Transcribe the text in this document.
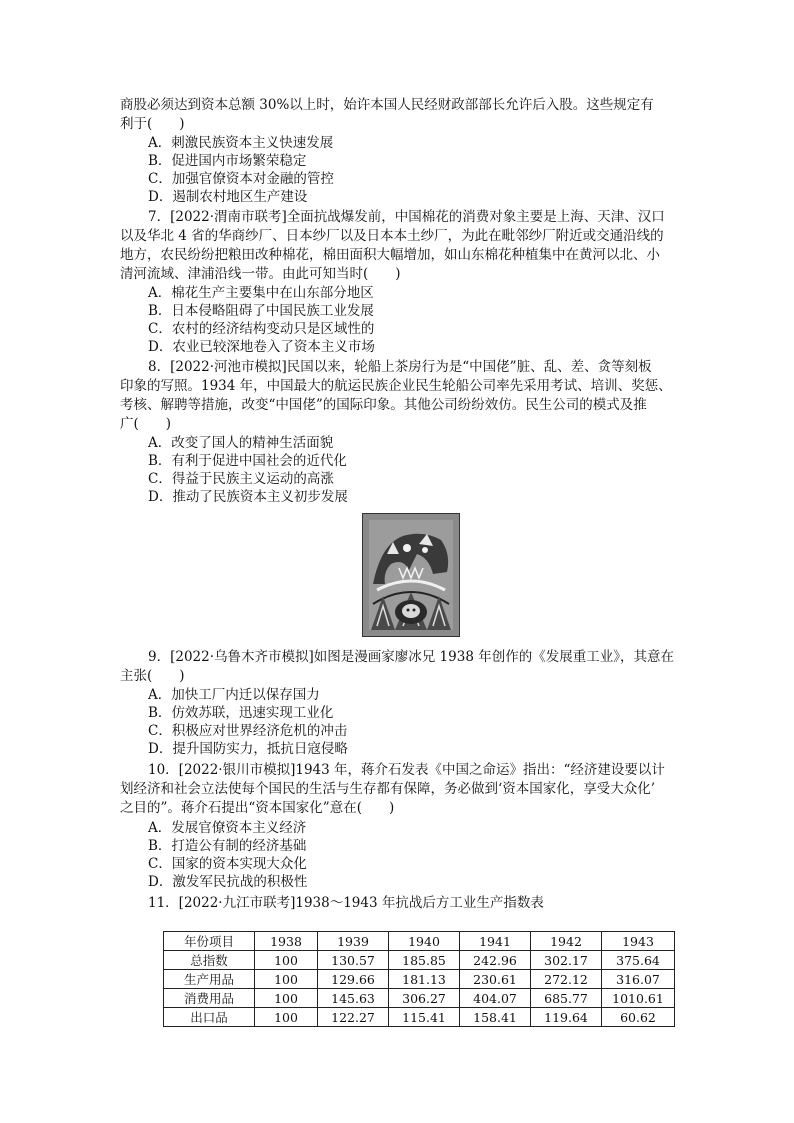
商股必须达到资本总额 30%以上时，始许本国人民经财政部部长允许后入股。这些规定有
利于(　　)
A．刺激民族资本主义快速发展
B．促进国内市场繁荣稳定
C．加强官僚资本对金融的管控
D．遏制农村地区生产建设
7．[2022·渭南市联考]全面抗战爆发前，中国棉花的消费对象主要是上海、天津、汉口
以及华北 4 省的华商纱厂、日本纱厂以及日本本土纱厂，为此在毗邻纱厂附近或交通沿线的
地方，农民纷纷把粮田改种棉花，棉田面积大幅增加，如山东棉花种植集中在黄河以北、小
清河流域、津浦沿线一带。由此可知当时(　　)
A．棉花生产主要集中在山东部分地区
B．日本侵略阻碍了中国民族工业发展
C．农村的经济结构变动只是区域性的
D．农业已较深地卷入了资本主义市场
8．[2022·河池市模拟]民国以来，轮船上茶房行为是“中国佬”脏、乱、差、贪等刻板
印象的写照。1934 年，中国最大的航运民族企业民生轮船公司率先采用考试、培训、奖惩、
考核、解聘等措施，改变“中国佬”的国际印象。其他公司纷纷效仿。民生公司的模式及推
广(　　)
A．改变了国人的精神生活面貌
B．有利于促进中国社会的近代化
C．得益于民族主义运动的高涨
D．推动了民族资本主义初步发展
9．[2022·乌鲁木齐市模拟]如图是漫画家廖冰兄 1938 年创作的《发展重工业》，其意在
主张(　　)
A．加快工厂内迁以保存国力
B．仿效苏联，迅速实现工业化
C．积极应对世界经济危机的冲击
D．提升国防实力，抵抗日寇侵略
10．[2022·银川市模拟]1943 年，蒋介石发表《中国之命运》指出：“经济建设要以计
划经济和社会立法使每个国民的生活与生存都有保障，务必做到‘资本国家化，享受大众化’
之目的”。蒋介石提出“资本国家化”意在(　　)
A．发展官僚资本主义经济
B．打造公有制的经济基础
C．国家的资本实现大众化
D．激发军民抗战的积极性
11．[2022·九江市联考]1938～1943 年抗战后方工业生产指数表
年份项目	1938	1939	1940	1941	1942	1943
总指数	100	130.57	185.85	242.96	302.17	375.64
生产用品	100	129.66	181.13	230.61	272.12	316.07
消费用品	100	145.63	306.27	404.07	685.77	1010.61
出口品	100	122.27	115.41	158.41	119.64	60.62
